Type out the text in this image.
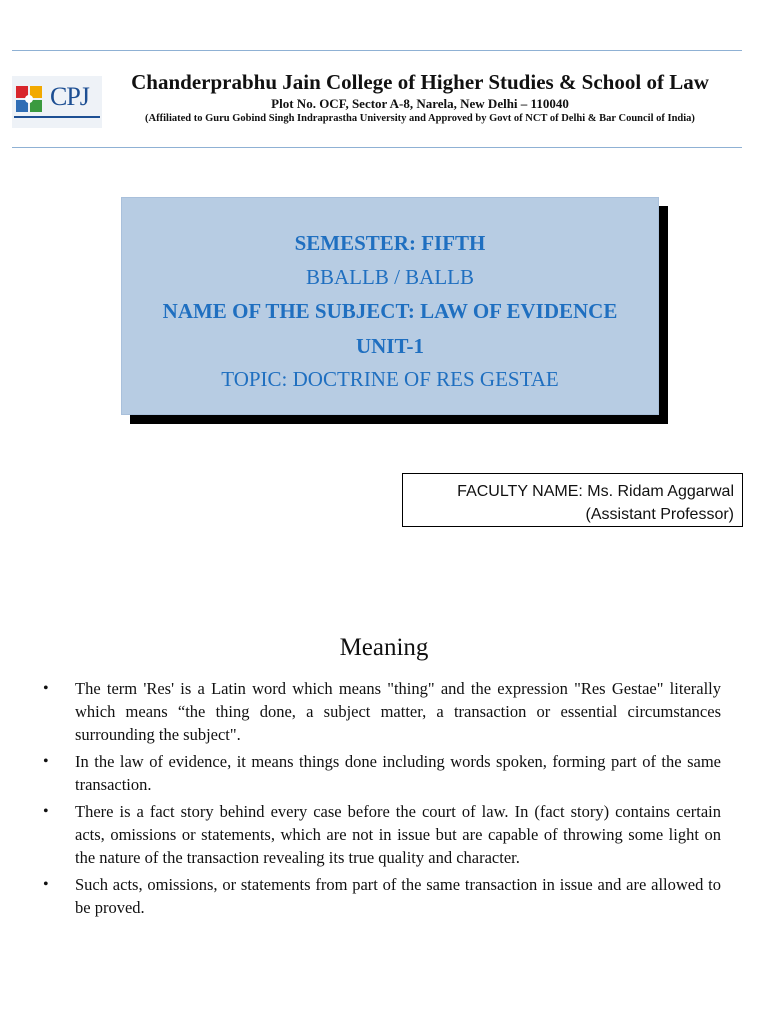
CPJ	Chanderprabhu Jain College of Higher Studies & School of Law
Plot No. OCF, Sector A-8, Narela, New Delhi – 110040
(Affiliated to Guru Gobind Singh Indraprastha University and Approved by Govt of NCT of Delhi & Bar Council of India)
SEMESTER: FIFTH
BBALLB / BALLB
NAME OF THE SUBJECT: LAW OF EVIDENCE
UNIT-1
TOPIC: DOCTRINE OF RES GESTAE
FACULTY NAME: Ms. Ridam Aggarwal
(Assistant Professor)
Meaning
• The term 'Res' is a Latin word which means "thing" and the expression "Res Gestae" literally which means “the thing done, a subject matter, a transaction or essential circumstances surrounding the subject".
• In the law of evidence, it means things done including words spoken, forming part of the same transaction.
• There is a fact story behind every case before the court of law. In (fact story) contains certain acts, omissions or statements, which are not in issue but are capable of throwing some light on the nature of the transaction revealing its true quality and character.
• Such acts, omissions, or statements from part of the same transaction in issue and are allowed to be proved.
